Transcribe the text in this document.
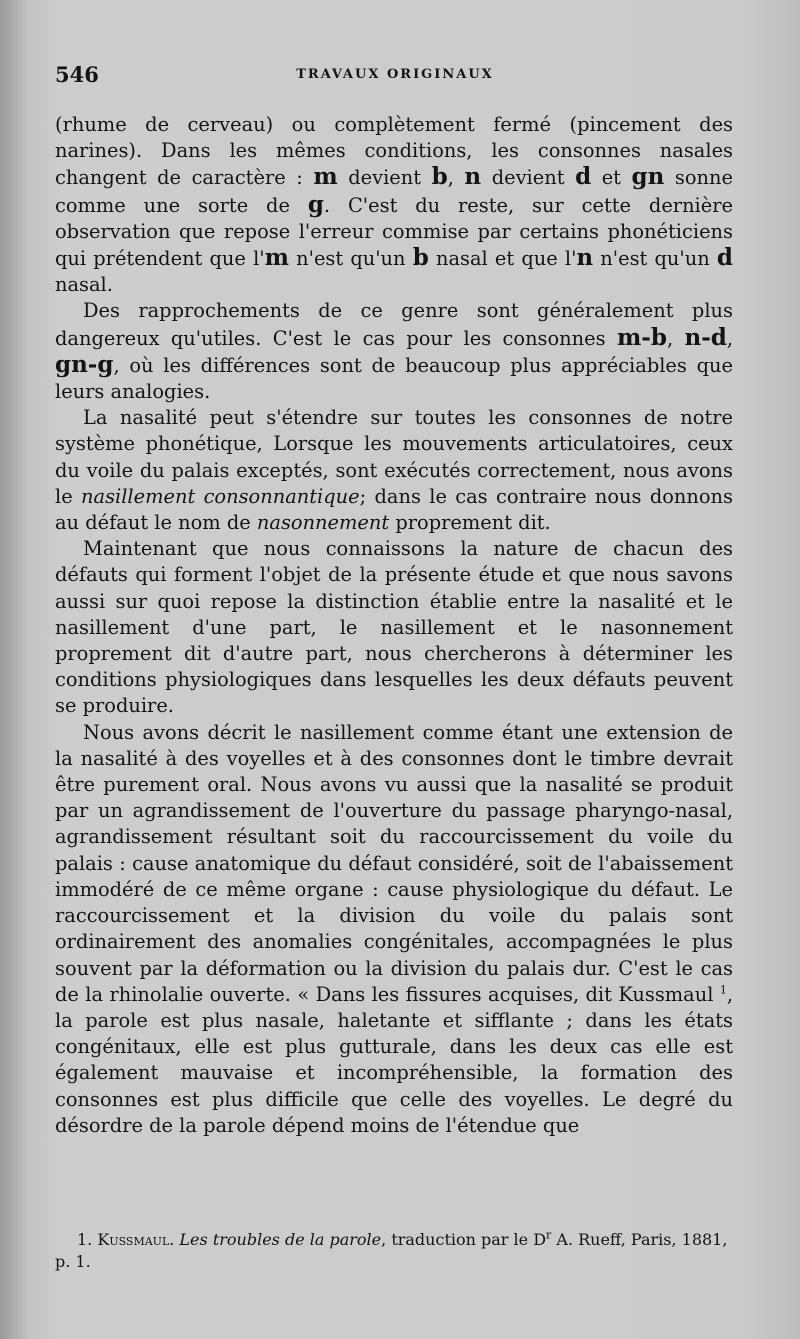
546	TRAVAUX ORIGINAUX

(rhume de cerveau) ou complètement fermé (pincement des narines). Dans les mêmes conditions, les consonnes nasales changent de caractère : m devient b, n devient d et gn sonne comme une sorte de g. C'est du reste, sur cette dernière observation que repose l'erreur commise par certains phonéticiens qui prétendent que l'm n'est qu'un b nasal et que l'n n'est qu'un d nasal.

Des rapprochements de ce genre sont généralement plus dangereux qu'utiles. C'est le cas pour les consonnes m-b, n-d, gn-g, où les différences sont de beaucoup plus appréciables que leurs analogies.

La nasalité peut s'étendre sur toutes les consonnes de notre système phonétique, Lorsque les mouvements articulatoires, ceux du voile du palais exceptés, sont exécutés correctement, nous avons le nasillement consonnantique; dans le cas contraire nous donnons au défaut le nom de nasonnement proprement dit.

Maintenant que nous connaissons la nature de chacun des défauts qui forment l'objet de la présente étude et que nous savons aussi sur quoi repose la distinction établie entre la nasalité et le nasillement d'une part, le nasillement et le nasonnement proprement dit d'autre part, nous chercherons à déterminer les conditions physiologiques dans lesquelles les deux défauts peuvent se produire.

Nous avons décrit le nasillement comme étant une extension de la nasalité à des voyelles et à des consonnes dont le timbre devrait être purement oral. Nous avons vu aussi que la nasalité se produit par un agrandissement de l'ouverture du passage pharyngo-nasal, agrandissement résultant soit du raccourcissement du voile du palais : cause anatomique du défaut considéré, soit de l'abaissement immodéré de ce même organe : cause physiologique du défaut. Le raccourcissement et la division du voile du palais sont ordinairement des anomalies congénitales, accompagnées le plus souvent par la déformation ou la division du palais dur. C'est le cas de la rhinolalie ouverte. « Dans les fissures acquises, dit Kussmaul $^1$, la parole est plus nasale, haletante et sifflante ; dans les états congénitaux, elle est plus gutturale, dans les deux cas elle est également mauvaise et incompréhensible, la formation des consonnes est plus difficile que celle des voyelles. Le degré du désordre de la parole dépend moins de l'étendue que

1. Kussmaul. Les troubles de la parole, traduction par le $D^r$ A. Rueff, Paris, 1881, p. 1.
